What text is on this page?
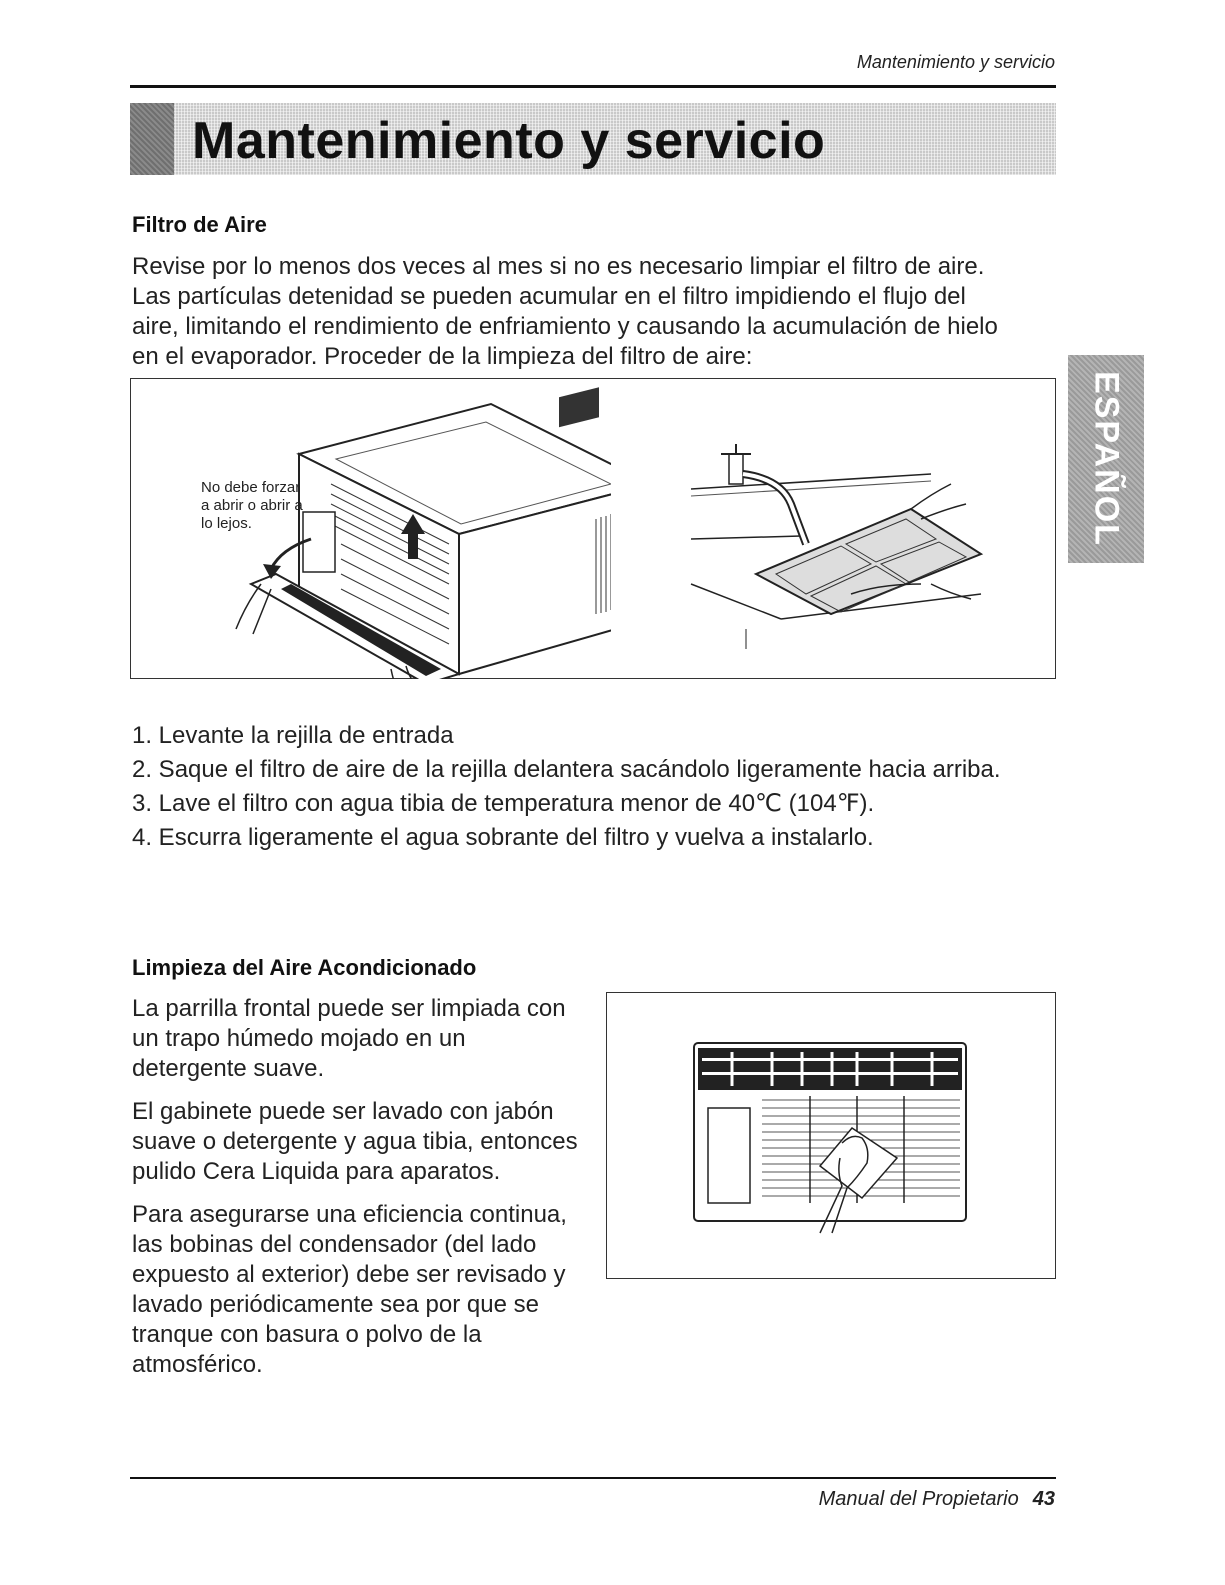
Mantenimiento y servicio
Mantenimiento y servicio
ESPAÑOL
Filtro de Aire
Revise por lo menos dos veces al mes si no es necesario limpiar el filtro de aire.
Las partículas detenidad se pueden acumular en el filtro impidiendo el flujo del
aire, limitando el rendimiento de enfriamiento y causando la acumulación de hielo
en el evaporador. Proceder de la limpieza del filtro de aire:
No debe forzar
a abrir o abrir a
lo lejos.
1. Levante la rejilla de entrada
2. Saque el filtro de aire de la rejilla delantera sacándolo ligeramente hacia arriba.
3. Lave el filtro con agua tibia de temperatura menor de 40℃ (104℉).
4. Escurra ligeramente el agua sobrante del filtro y vuelva a instalarlo.
Limpieza del Aire Acondicionado
La parrilla frontal puede ser limpiada con
un trapo húmedo mojado en un
detergente suave.
El gabinete puede ser lavado con jabón
suave o detergente y agua tibia, entonces
pulido Cera Liquida para aparatos.
Para asegurarse una eficiencia continua,
las bobinas del condensador (del lado
expuesto al exterior) debe ser revisado y
lavado periódicamente sea por que se
tranque con basura o polvo de la
atmosférico.
Manual del Propietario 43
